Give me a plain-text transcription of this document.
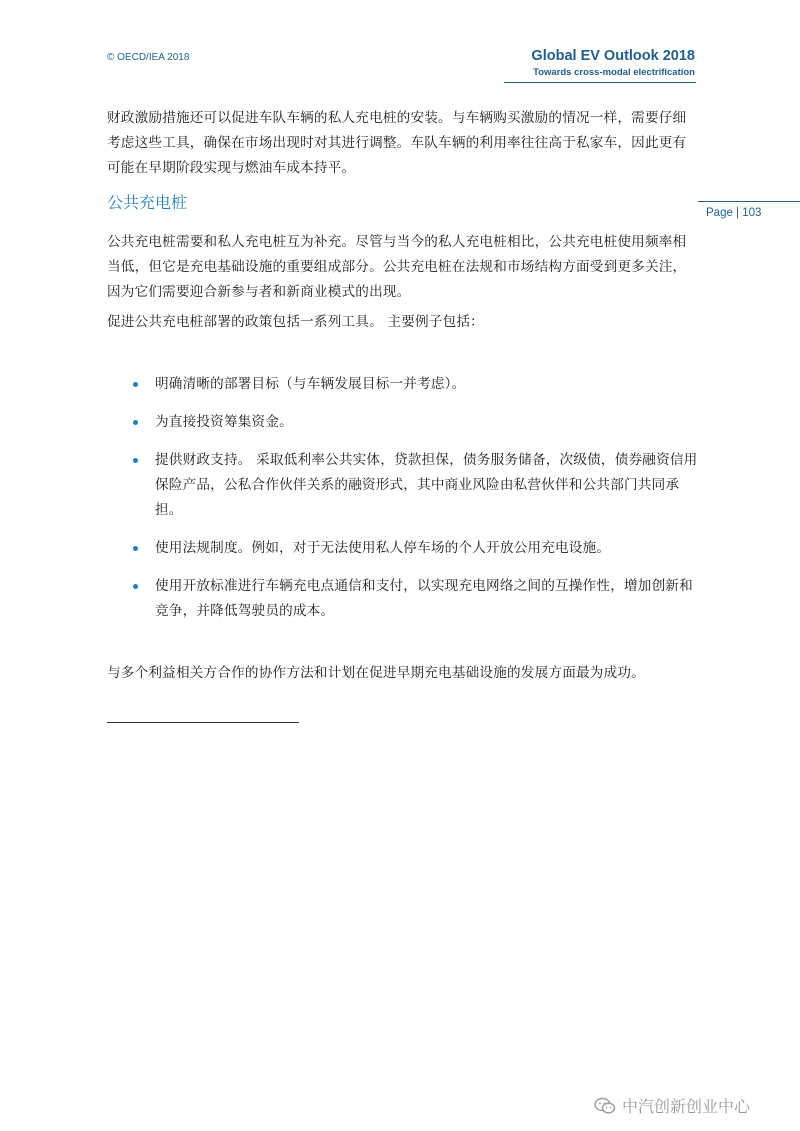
© OECD/IEA 2018	Global EV Outlook 2018
Towards cross-modal electrification
Page | 103

财政激励措施还可以促进车队车辆的私人充电桩的安装。与车辆购买激励的情况一样，需要仔细考虑这些工具，确保在市场出现时对其进行调整。车队车辆的利用率往往高于私家车，因此更有可能在早期阶段实现与燃油车成本持平。

公共充电桩

公共充电桩需要和私人充电桩互为补充。尽管与当今的私人充电桩相比，公共充电桩使用频率相当低，但它是充电基础设施的重要组成部分。公共充电桩在法规和市场结构方面受到更多关注，因为它们需要迎合新参与者和新商业模式的出现。

促进公共充电桩部署的政策包括一系列工具。 主要例子包括：

明确清晰的部署目标（与车辆发展目标一并考虑）。
为直接投资筹集资金。
提供财政支持。 采取低利率公共实体，贷款担保，债务服务储备，次级债，债券融资信用保险产品，公私合作伙伴关系的融资形式，其中商业风险由私营伙伴和公共部门共同承担。
使用法规制度。例如，对于无法使用私人停车场的个人开放公用充电设施。
使用开放标准进行车辆充电点通信和支付，以实现充电网络之间的互操作性，增加创新和竞争，并降低驾驶员的成本。

与多个利益相关方合作的协作方法和计划在促进早期充电基础设施的发展方面最为成功。

中汽创新创业中心
